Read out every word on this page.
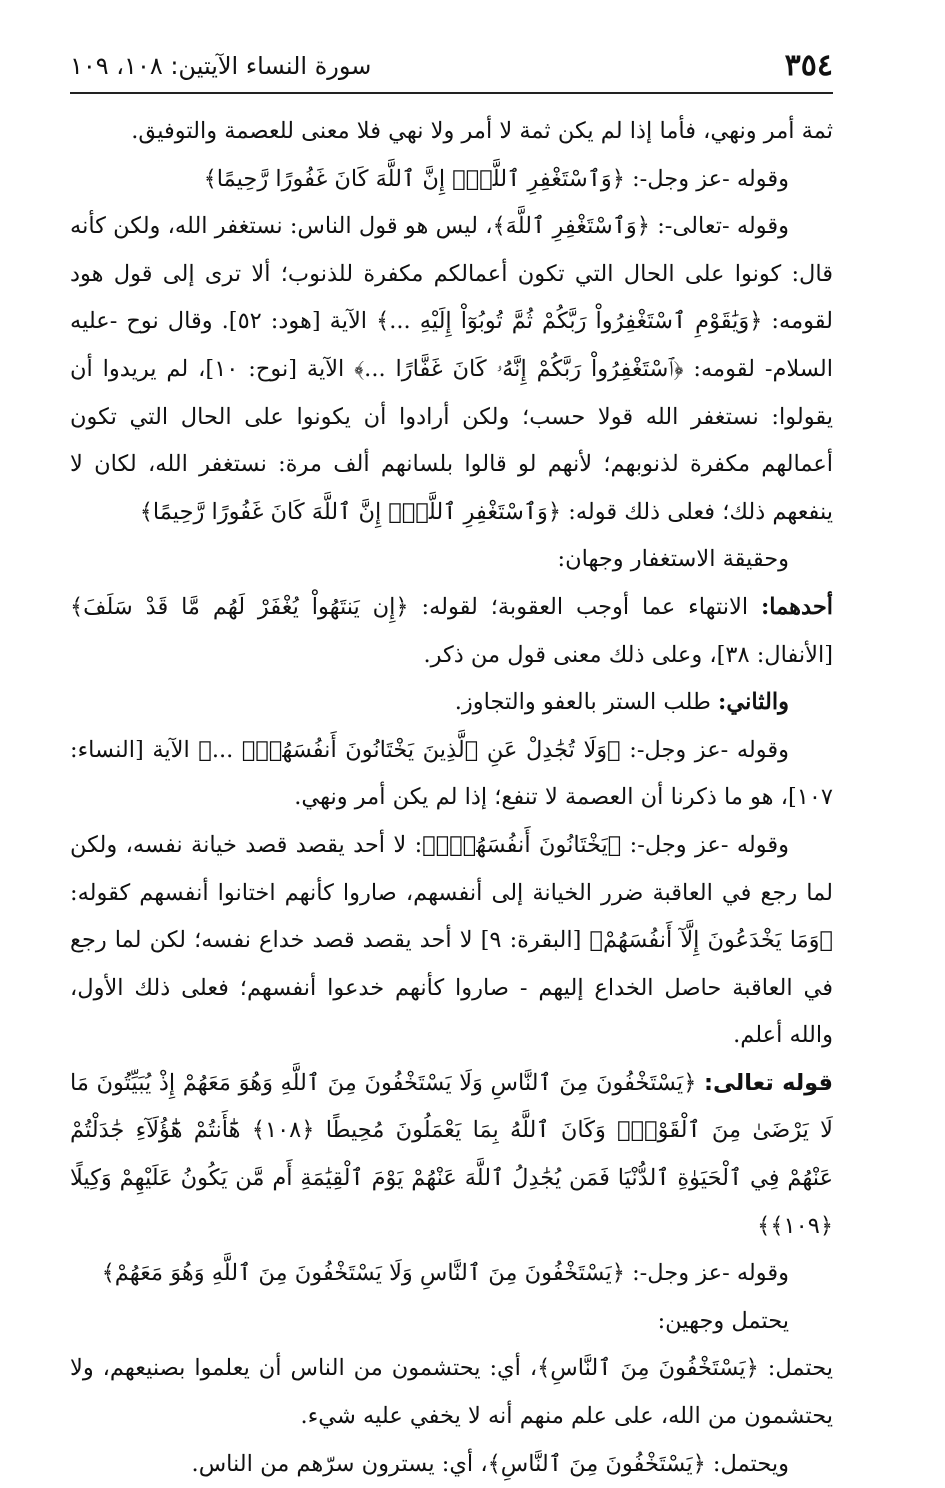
٣٥٤
سورة النساء الآيتين: ١٠٨، ١٠٩

ثمة أمر ونهي، فأما إذا لم يكن ثمة لا أمر ولا نهي فلا معنى للعصمة والتوفيق.

وقوله -عز وجل-: ﴿وَٱسْتَغْفِرِ ٱللَّهَۖ إِنَّ ٱللَّهَ كَانَ غَفُورًا رَّحِيمًا﴾

وقوله -تعالى-: ﴿وَٱسْتَغْفِرِ ٱللَّهَ﴾، ليس هو قول الناس: نستغفر الله، ولكن كأنه قال: كونوا على الحال التي تكون أعمالكم مكفرة للذنوب؛ ألا ترى إلى قول هود لقومه: ﴿وَيَٰقَوْمِ ٱسْتَغْفِرُواْ رَبَّكُمْ ثُمَّ تُوبُوٓاْ إِلَيْهِ ...﴾ الآية [هود: ٥٢]. وقال نوح -عليه السلام- لقومه: ﴿ٱسْتَغْفِرُواْ رَبَّكُمْ إِنَّهُۥ كَانَ غَفَّارًا ...﴾ الآية [نوح: ١٠]، لم يريدوا أن يقولوا: نستغفر الله قولا حسب؛ ولكن أرادوا أن يكونوا على الحال التي تكون أعمالهم مكفرة لذنوبهم؛ لأنهم لو قالوا بلسانهم ألف مرة: نستغفر الله، لكان لا ينفعهم ذلك؛ فعلى ذلك قوله: ﴿وَٱسْتَغْفِرِ ٱللَّهَۖ إِنَّ ٱللَّهَ كَانَ غَفُورًا رَّحِيمًا﴾

وحقيقة الاستغفار وجهان:

أحدهما: الانتهاء عما أوجب العقوبة؛ لقوله: ﴿إِن يَنتَهُواْ يُغْفَرْ لَهُم مَّا قَدْ سَلَفَ﴾ [الأنفال: ٣٨]، وعلى ذلك معنى قول من ذكر.

والثاني: طلب الستر بالعفو والتجاوز.

وقوله -عز وجل-: ﴿وَلَا تُجَٰدِلْ عَنِ ٱلَّذِينَ يَخْتَانُونَ أَنفُسَهُمْۚ ...﴾ الآية [النساء: ١٠٧]، هو ما ذكرنا أن العصمة لا تنفع؛ إذا لم يكن أمر ونهي.

وقوله -عز وجل-: ﴿يَخْتَانُونَ أَنفُسَهُمْۚ﴾: لا أحد يقصد قصد خيانة نفسه، ولكن لما رجع في العاقبة ضرر الخيانة إلى أنفسهم، صاروا كأنهم اختانوا أنفسهم كقوله: ﴿وَمَا يَخْدَعُونَ إِلَّآ أَنفُسَهُمْ﴾ [البقرة: ٩] لا أحد يقصد قصد خداع نفسه؛ لكن لما رجع في العاقبة حاصل الخداع إليهم - صاروا كأنهم خدعوا أنفسهم؛ فعلى ذلك الأول، والله أعلم.

قوله تعالى: ﴿يَسْتَخْفُونَ مِنَ ٱلنَّاسِ وَلَا يَسْتَخْفُونَ مِنَ ٱللَّهِ وَهُوَ مَعَهُمْ إِذْ يُبَيِّتُونَ مَا لَا يَرْضَىٰ مِنَ ٱلْقَوْلِۚ وَكَانَ ٱللَّهُ بِمَا يَعْمَلُونَ مُحِيطًا ﴿١٠٨﴾ هَٰٓأَنتُمْ هَٰٓؤُلَآءِ جَٰدَلْتُمْ عَنْهُمْ فِي ٱلْحَيَوٰةِ ٱلدُّنْيَا فَمَن يُجَٰدِلُ ٱللَّهَ عَنْهُمْ يَوْمَ ٱلْقِيَٰمَةِ أَم مَّن يَكُونُ عَلَيْهِمْ وَكِيلًا ﴿١٠٩﴾﴾

وقوله -عز وجل-: ﴿يَسْتَخْفُونَ مِنَ ٱلنَّاسِ وَلَا يَسْتَخْفُونَ مِنَ ٱللَّهِ وَهُوَ مَعَهُمْ﴾

يحتمل وجهين:

يحتمل: ﴿يَسْتَخْفُونَ مِنَ ٱلنَّاسِ﴾، أي: يحتشمون من الناس أن يعلموا بصنيعهم، ولا يحتشمون من الله، على علم منهم أنه لا يخفي عليه شيء.

ويحتمل: ﴿يَسْتَخْفُونَ مِنَ ٱلنَّاسِ﴾، أي: يسترون سرّهم من الناس.
